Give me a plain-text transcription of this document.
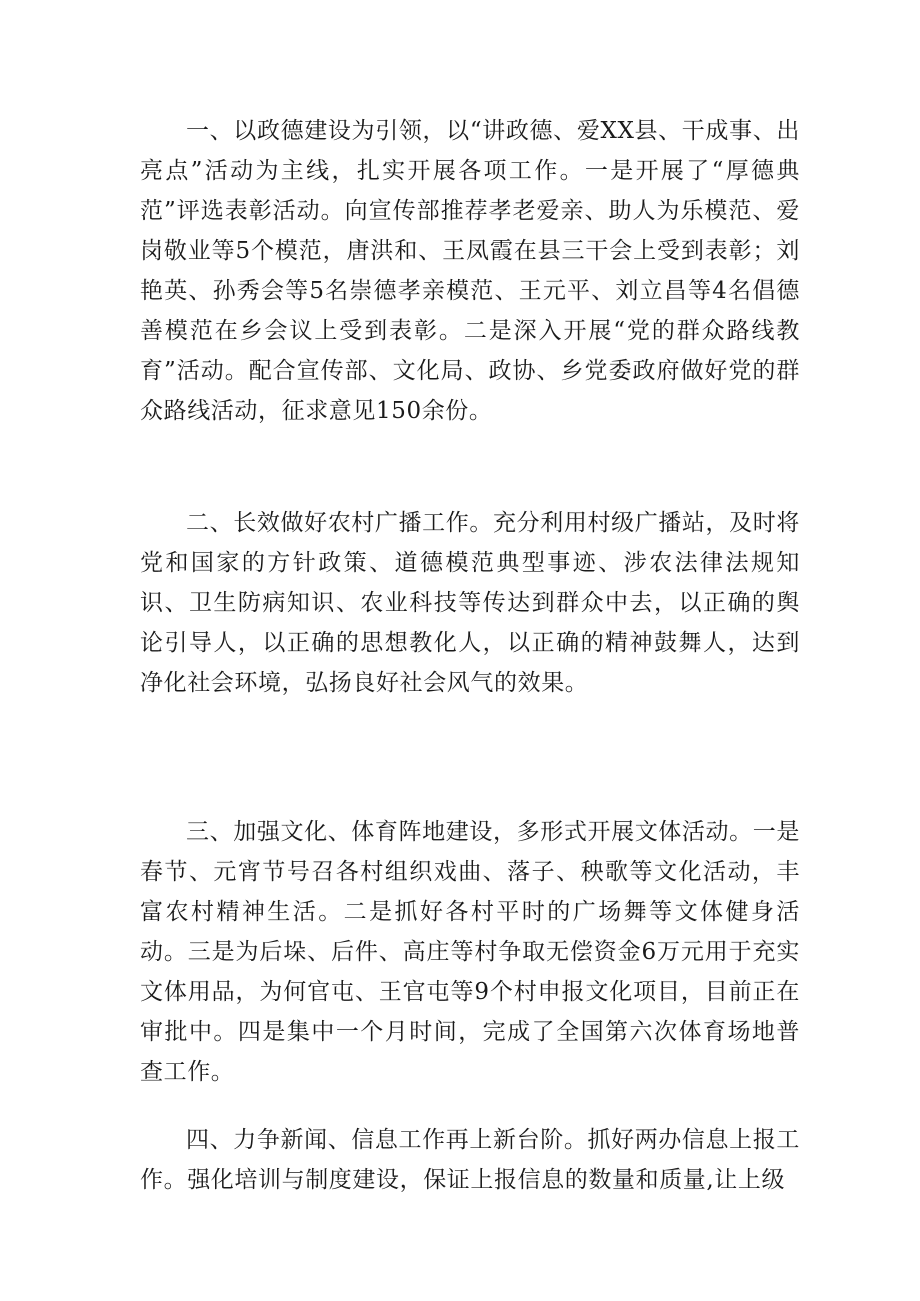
一、以政德建设为引领，以“讲政德、爱XX县、干成事、出亮点”活动为主线，扎实开展各项工作。一是开展了“厚德典范”评选表彰活动。向宣传部推荐孝老爱亲、助人为乐模范、爱岗敬业等5个模范，唐洪和、王凤霞在县三干会上受到表彰；刘艳英、孙秀会等5名崇德孝亲模范、王元平、刘立昌等4名倡德善模范在乡会议上受到表彰。二是深入开展“党的群众路线教育”活动。配合宣传部、文化局、政协、乡党委政府做好党的群众路线活动，征求意见150余份。

二、长效做好农村广播工作。充分利用村级广播站，及时将党和国家的方针政策、道德模范典型事迹、涉农法律法规知识、卫生防病知识、农业科技等传达到群众中去，以正确的舆论引导人，以正确的思想教化人，以正确的精神鼓舞人，达到净化社会环境，弘扬良好社会风气的效果。

三、加强文化、体育阵地建设，多形式开展文体活动。一是春节、元宵节号召各村组织戏曲、落子、秧歌等文化活动，丰富农村精神生活。二是抓好各村平时的广场舞等文体健身活动。三是为后垛、后件、高庄等村争取无偿资金6万元用于充实文体用品，为何官屯、王官屯等9个村申报文化项目，目前正在审批中。四是集中一个月时间，完成了全国第六次体育场地普查工作。

四、力争新闻、信息工作再上新台阶。抓好两办信息上报工作。强化培训与制度建设，保证上报信息的数量和质量,让上级
